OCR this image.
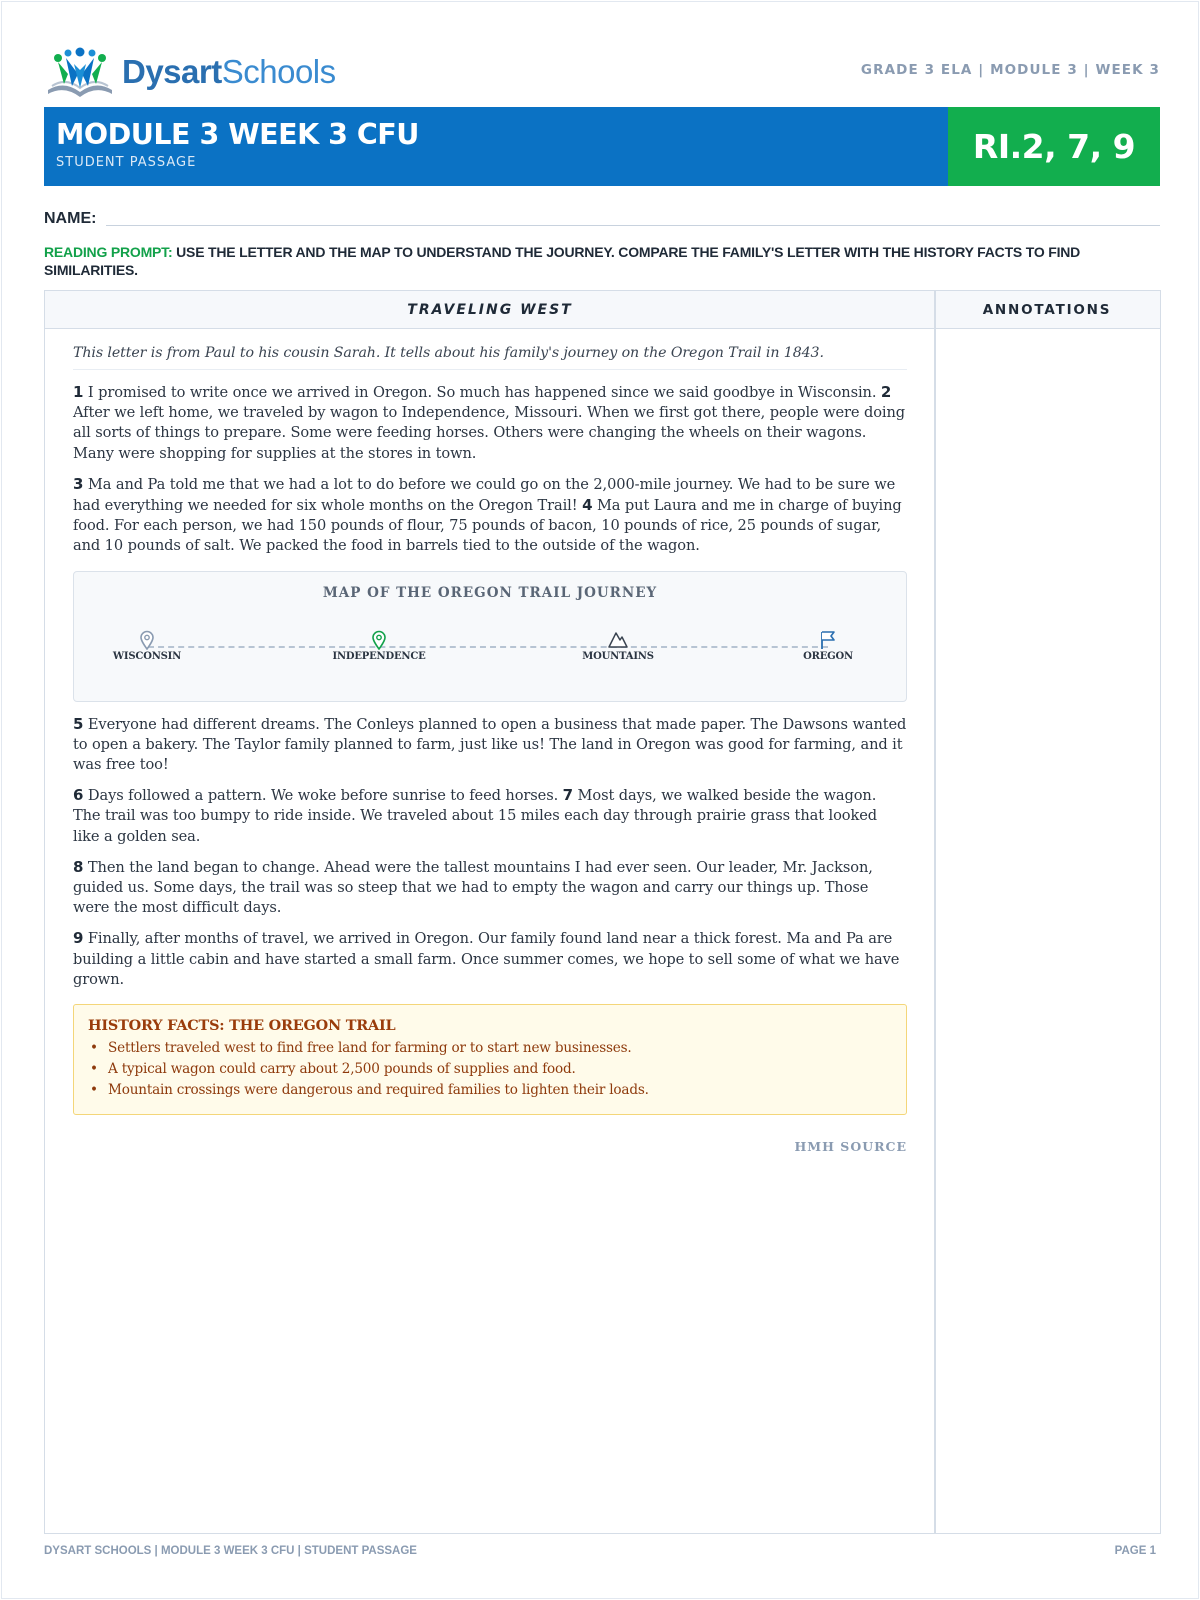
DysartSchools	GRADE 3 ELA | MODULE 3 | WEEK 3
MODULE 3 WEEK 3 CFU
STUDENT PASSAGE	RI.2, 7, 9
NAME:
READING PROMPT: USE THE LETTER AND THE MAP TO UNDERSTAND THE JOURNEY. COMPARE THE FAMILY'S LETTER WITH THE HISTORY FACTS TO FIND SIMILARITIES.
TRAVELING WEST	ANNOTATIONS
This letter is from Paul to his cousin Sarah. It tells about his family's journey on the Oregon Trail in 1843.

1 I promised to write once we arrived in Oregon. So much has happened since we said goodbye in Wisconsin. 2 After we left home, we traveled by wagon to Independence, Missouri. When we first got there, people were doing all sorts of things to prepare. Some were feeding horses. Others were changing the wheels on their wagons. Many were shopping for supplies at the stores in town.

3 Ma and Pa told me that we had a lot to do before we could go on the 2,000-mile journey. We had to be sure we had everything we needed for six whole months on the Oregon Trail! 4 Ma put Laura and me in charge of buying food. For each person, we had 150 pounds of flour, 75 pounds of bacon, 10 pounds of rice, 25 pounds of sugar, and 10 pounds of salt. We packed the food in barrels tied to the outside of the wagon.

MAP OF THE OREGON TRAIL JOURNEY
WISCONSIN	INDEPENDENCE	MOUNTAINS	OREGON

5 Everyone had different dreams. The Conleys planned to open a business that made paper. The Dawsons wanted to open a bakery. The Taylor family planned to farm, just like us! The land in Oregon was good for farming, and it was free too!

6 Days followed a pattern. We woke before sunrise to feed horses. 7 Most days, we walked beside the wagon. The trail was too bumpy to ride inside. We traveled about 15 miles each day through prairie grass that looked like a golden sea.

8 Then the land began to change. Ahead were the tallest mountains I had ever seen. Our leader, Mr. Jackson, guided us. Some days, the trail was so steep that we had to empty the wagon and carry our things up. Those were the most difficult days.

9 Finally, after months of travel, we arrived in Oregon. Our family found land near a thick forest. Ma and Pa are building a little cabin and have started a small farm. Once summer comes, we hope to sell some of what we have grown.

HISTORY FACTS: THE OREGON TRAIL
• Settlers traveled west to find free land for farming or to start new businesses.
• A typical wagon could carry about 2,500 pounds of supplies and food.
• Mountain crossings were dangerous and required families to lighten their loads.
HMH SOURCE
DYSART SCHOOLS | MODULE 3 WEEK 3 CFU | STUDENT PASSAGE	PAGE 1
